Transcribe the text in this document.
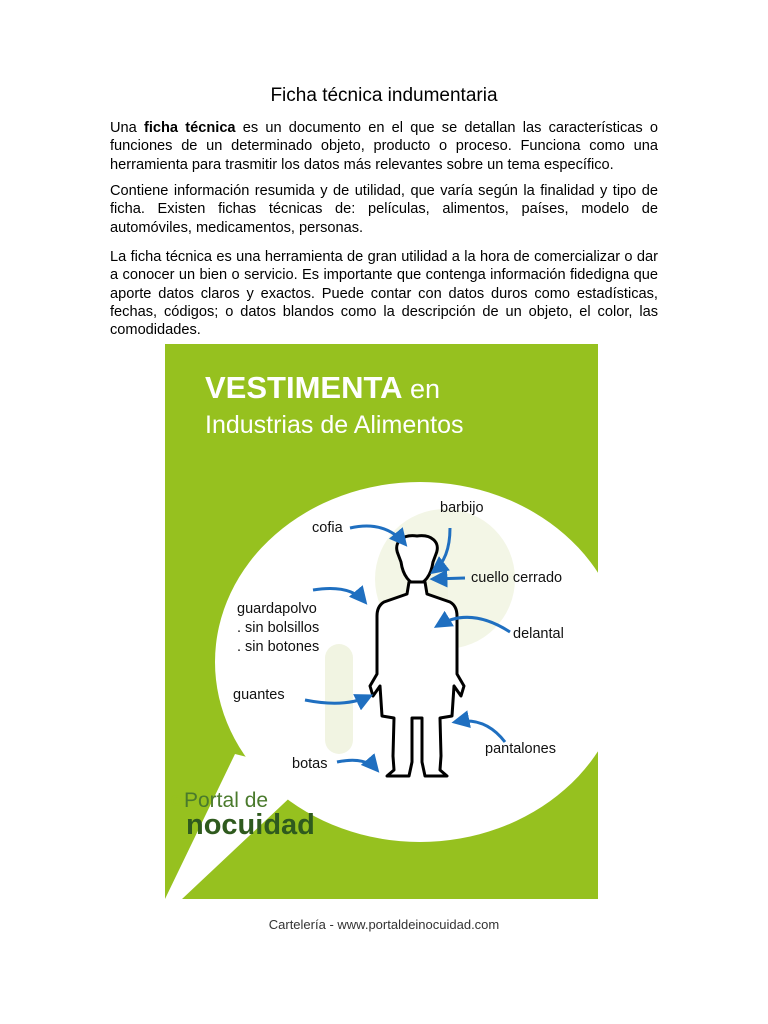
Ficha técnica indumentaria

Una ficha técnica es un documento en el que se detallan las características o funciones de un determinado objeto, producto o proceso. Funciona como una herramienta para trasmitir los datos más relevantes sobre un tema específico.

Contiene información resumida y de utilidad, que varía según la finalidad y tipo de ficha. Existen fichas técnicas de: películas, alimentos, países, modelo de automóviles, medicamentos, personas.

La ficha técnica es una herramienta de gran utilidad a la hora de comercializar o dar a conocer un bien o servicio. Es importante que contenga información fidedigna que aporte datos claros y exactos. Puede contar con datos duros como estadísticas, fechas, códigos; o datos blandos como la descripción de un objeto, el color, las comodidades.

VESTIMENTA en
Industrias de Alimentos
cofia
barbijo
cuello cerrado
guardapolvo
. sin bolsillos
. sin botones
delantal
guantes
pantalones
botas
Portal de
nocuidad
Cartelería - www.portaldeinocuidad.com
